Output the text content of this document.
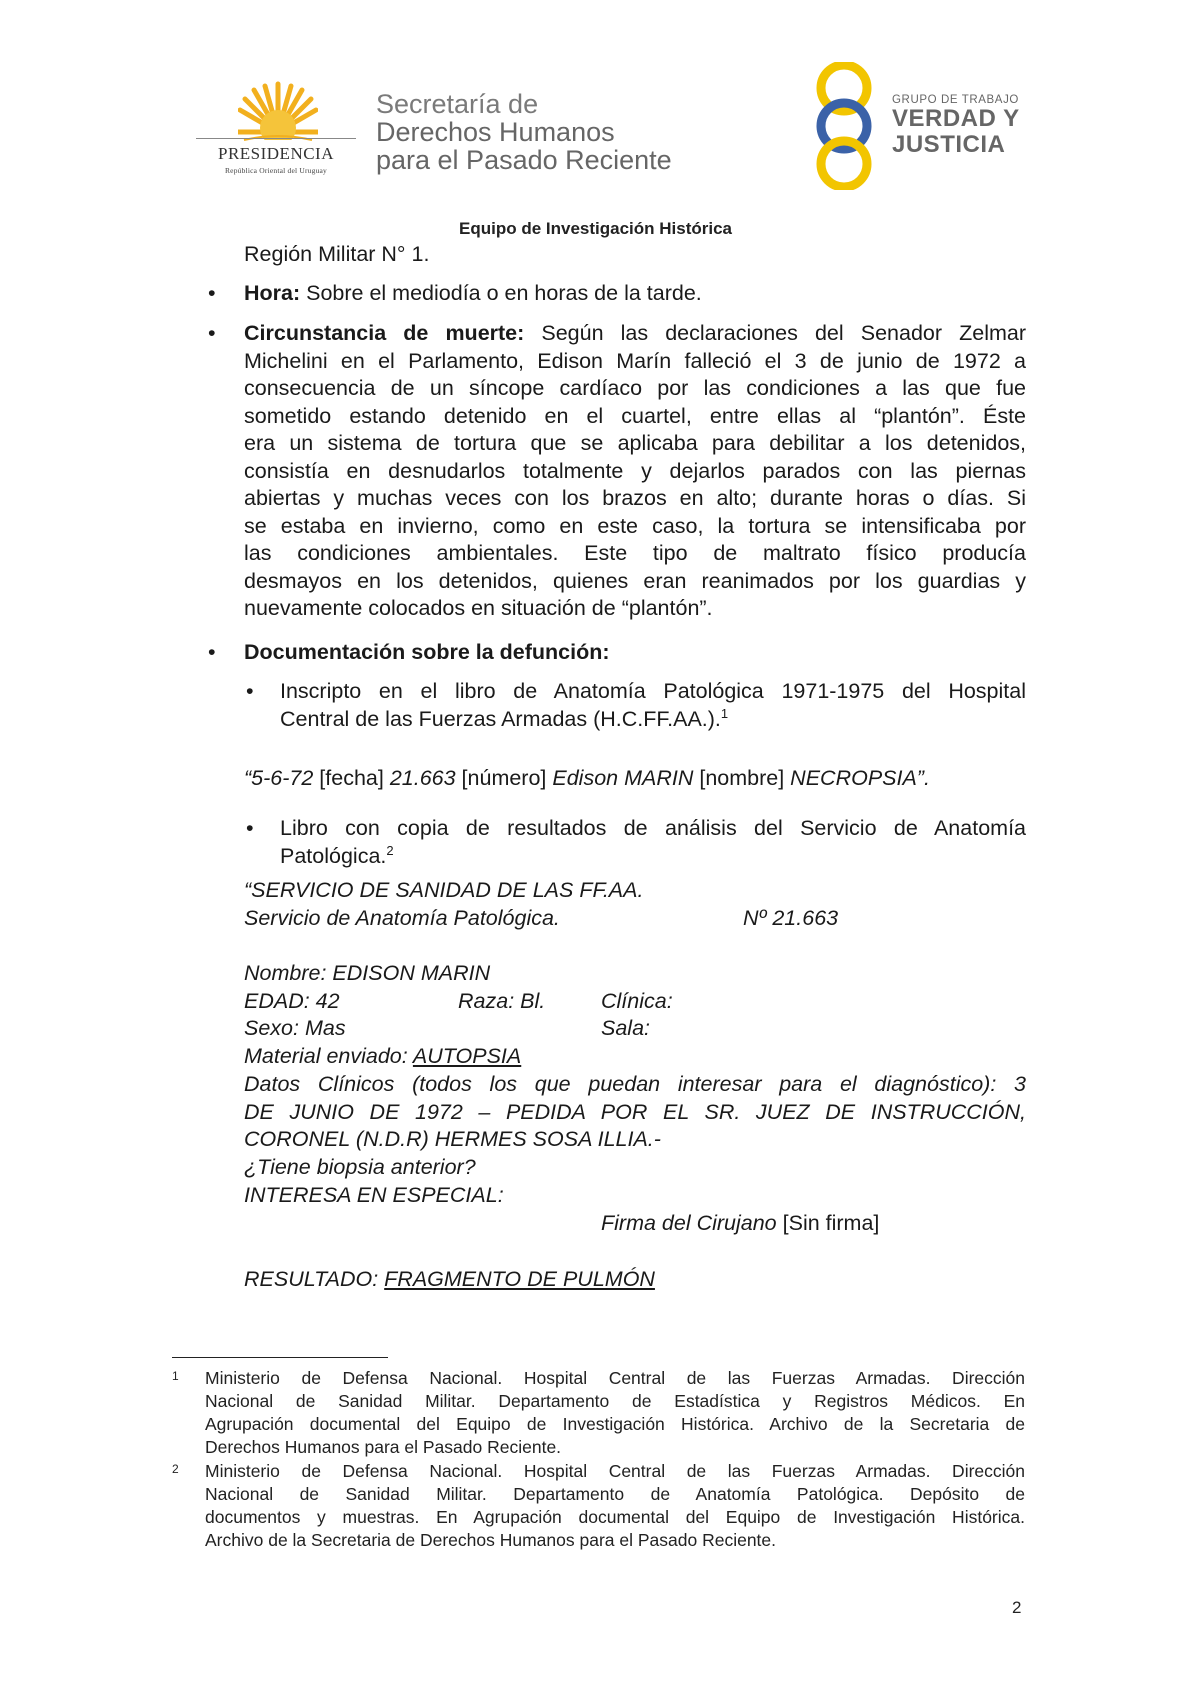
PRESIDENCIA
República Oriental del Uruguay
Secretaría de
Derechos Humanos
para el Pasado Reciente
GRUPO DE TRABAJO
VERDAD Y
JUSTICIA
Equipo de Investigación Histórica
Región Militar N° 1.
• Hora: Sobre el mediodía o en horas de la tarde.
• Circunstancia de muerte: Según las declaraciones del Senador Zelmar
Michelini en el Parlamento, Edison Marín falleció el 3 de junio de 1972 a
consecuencia de un síncope cardíaco por las condiciones a las que fue
sometido estando detenido en el cuartel, entre ellas al “plantón”. Éste
era un sistema de tortura que se aplicaba para debilitar a los detenidos,
consistía en desnudarlos totalmente y dejarlos parados con las piernas
abiertas y muchas veces con los brazos en alto; durante horas o días. Si
se estaba en invierno, como en este caso, la tortura se intensificaba por
las condiciones ambientales. Este tipo de maltrato físico producía
desmayos en los detenidos, quienes eran reanimados por los guardias y
nuevamente colocados en situación de “plantón”.
• Documentación sobre la defunción:
• Inscripto en el libro de Anatomía Patológica 1971-1975 del Hospital
Central de las Fuerzas Armadas (H.C.FF.AA.).$^1$
“5-6-72 [fecha] 21.663 [número] Edison MARIN [nombre] NECROPSIA”.
• Libro con copia de resultados de análisis del Servicio de Anatomía
Patológica.$^2$
“SERVICIO DE SANIDAD DE LAS FF.AA.
Servicio de Anatomía Patológica.	Nº 21.663
Nombre: EDISON MARIN
EDAD: 42	Raza: Bl.	Clínica:
Sexo: Mas	Sala:
Material enviado: AUTOPSIA
Datos Clínicos (todos los que puedan interesar para el diagnóstico): 3
DE JUNIO DE 1972 – PEDIDA POR EL SR. JUEZ DE INSTRUCCIÓN,
CORONEL (N.D.R) HERMES SOSA ILLIA.-
¿Tiene biopsia anterior?
INTERESA EN ESPECIAL:
Firma del Cirujano [Sin firma]
RESULTADO: FRAGMENTO DE PULMÓN
1 Ministerio de Defensa Nacional. Hospital Central de las Fuerzas Armadas. Dirección
Nacional de Sanidad Militar. Departamento de Estadística y Registros Médicos. En
Agrupación documental del Equipo de Investigación Histórica. Archivo de la Secretaria de
Derechos Humanos para el Pasado Reciente.
2 Ministerio de Defensa Nacional. Hospital Central de las Fuerzas Armadas. Dirección
Nacional de Sanidad Militar. Departamento de Anatomía Patológica. Depósito de
documentos y muestras. En Agrupación documental del Equipo de Investigación Histórica.
Archivo de la Secretaria de Derechos Humanos para el Pasado Reciente.
2
